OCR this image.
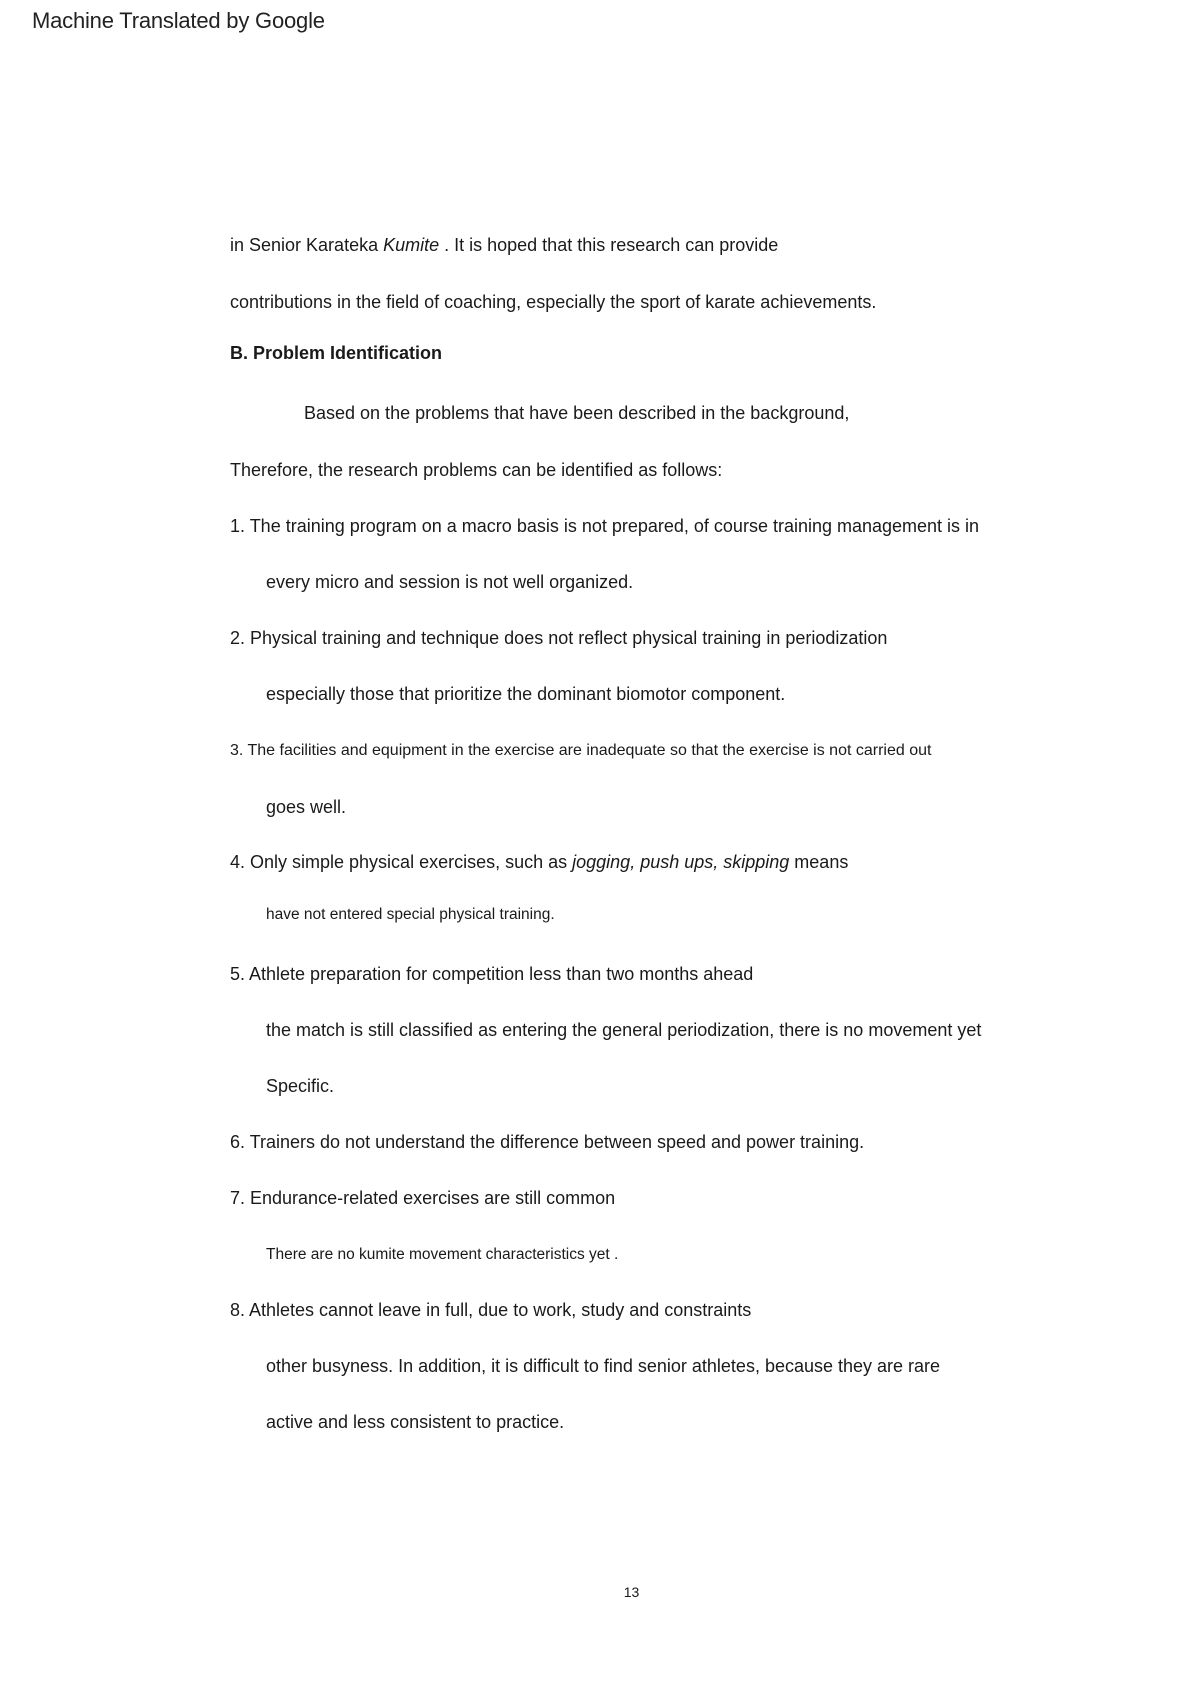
Machine Translated by Google
in Senior Karateka Kumite . It is hoped that this research can provide
contributions in the field of coaching, especially the sport of karate achievements.
B. Problem Identification
Based on the problems that have been described in the background,
Therefore, the research problems can be identified as follows:
1. The training program on a macro basis is not prepared, of course training management is in
every micro and session is not well organized.
2. Physical training and technique does not reflect physical training in periodization
especially those that prioritize the dominant biomotor component.
3. The facilities and equipment in the exercise are inadequate so that the exercise is not carried out
goes well.
4. Only simple physical exercises, such as jogging, push ups, skipping means
have not entered special physical training.
5. Athlete preparation for competition less than two months ahead
the match is still classified as entering the general periodization, there is no movement yet
Specific.
6. Trainers do not understand the difference between speed and power training.
7. Endurance-related exercises are still common
There are no kumite movement characteristics yet .
8. Athletes cannot leave in full, due to work, study and constraints
other busyness. In addition, it is difficult to find senior athletes, because they are rare
active and less consistent to practice.
13
